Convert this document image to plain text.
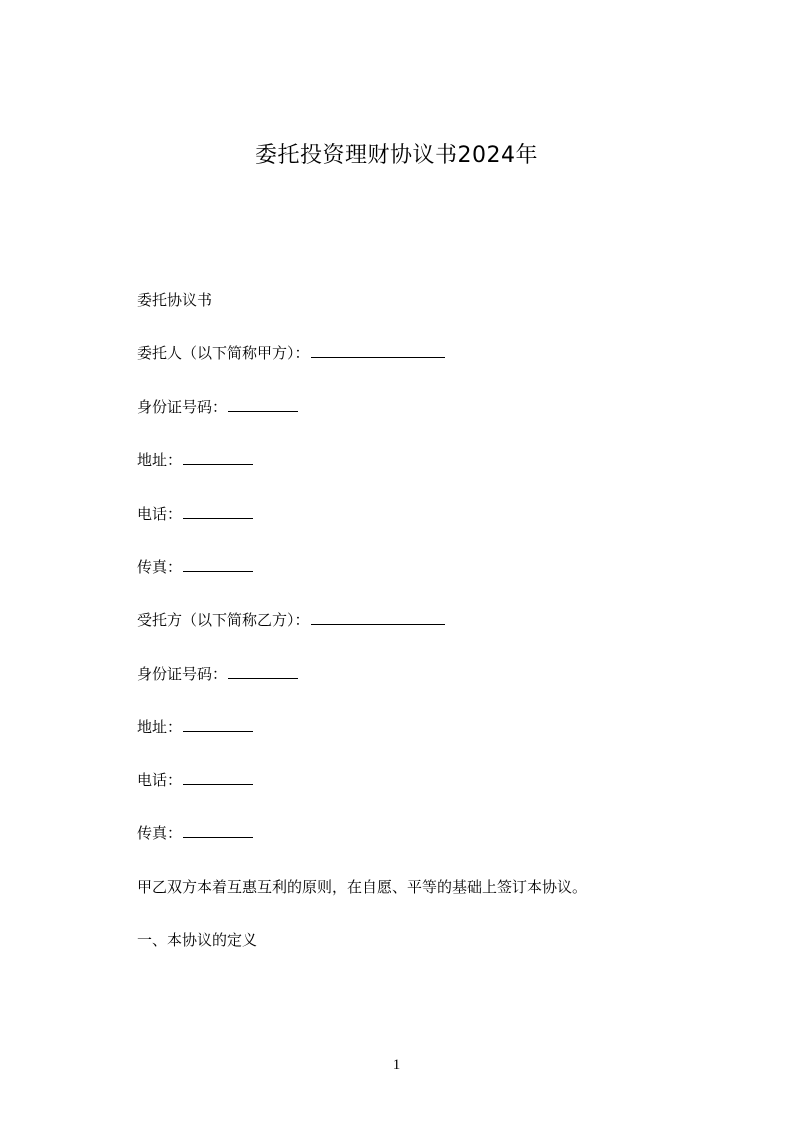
委托投资理财协议书2024年
委托协议书
委托人（以下简称甲方）：
身份证号码：
地址：
电话：
传真：
受托方（以下简称乙方）：
身份证号码：
地址：
电话：
传真：
甲乙双方本着互惠互利的原则，在自愿、平等的基础上签订本协议。
一、本协议的定义
1
